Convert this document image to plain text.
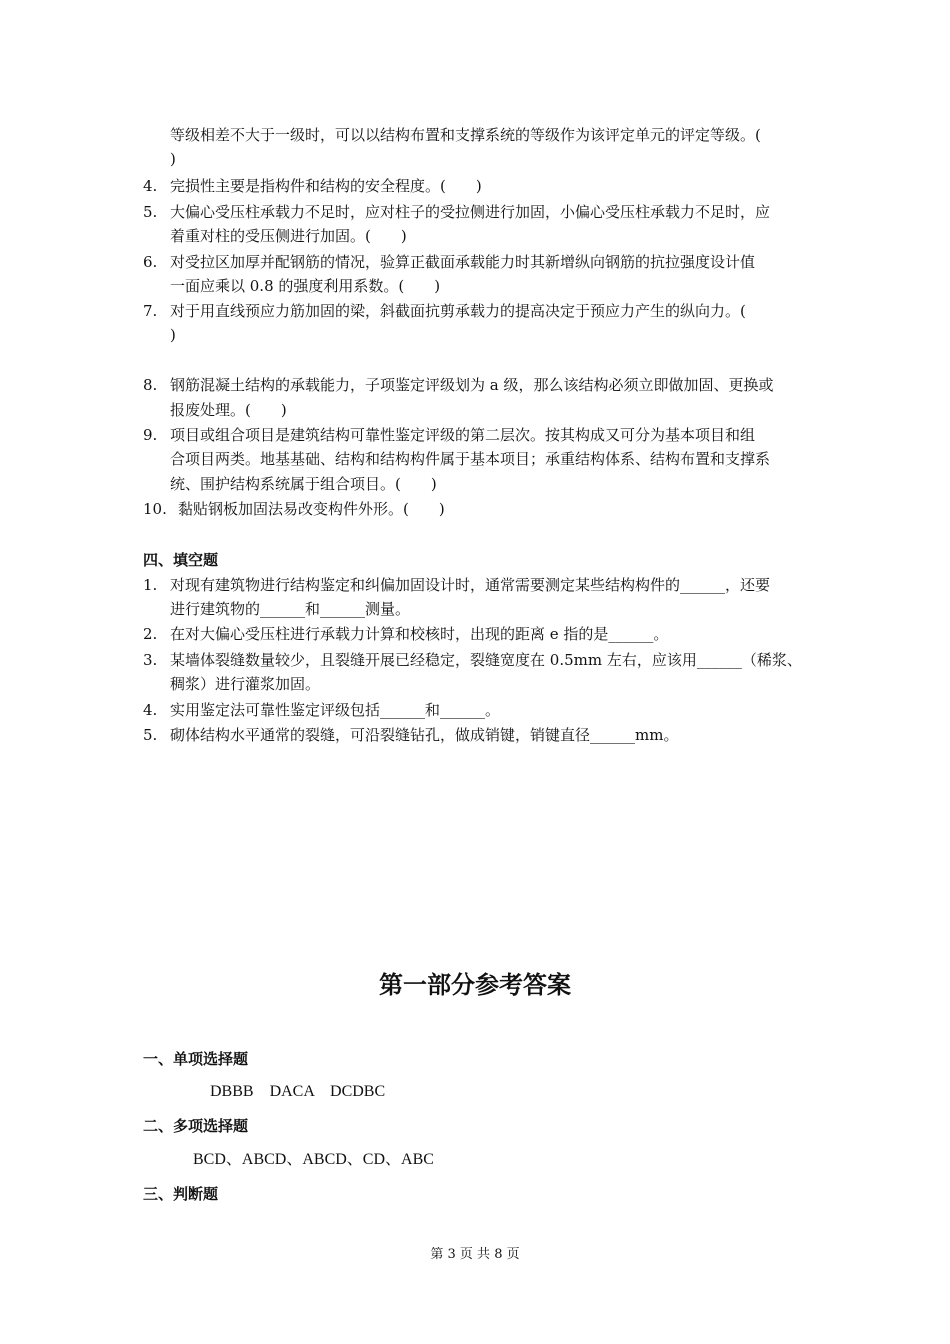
等级相差不大于一级时，可以以结构布置和支撑系统的等级作为该评定单元的评定等级。(
)
4. 完损性主要是指构件和结构的安全程度。(　　)
5. 大偏心受压柱承载力不足时，应对柱子的受拉侧进行加固，小偏心受压柱承载力不足时，应
着重对柱的受压侧进行加固。(　　)
6. 对受拉区加厚并配钢筋的情况，验算正截面承载能力时其新增纵向钢筋的抗拉强度设计值
一面应乘以 0.8 的强度利用系数。(　　)
7. 对于用直线预应力筋加固的梁，斜截面抗剪承载力的提高决定于预应力产生的纵向力。(
)
8. 钢筋混凝土结构的承载能力，子项鉴定评级划为 a 级，那么该结构必须立即做加固、更换或
报废处理。(　　)
9. 项目或组合项目是建筑结构可靠性鉴定评级的第二层次。按其构成又可分为基本项目和组
合项目两类。地基基础、结构和结构构件属于基本项目；承重结构体系、结构布置和支撑系
统、围护结构系统属于组合项目。(　　)
10. 黏贴钢板加固法易改变构件外形。(　　)
四、填空题
1. 对现有建筑物进行结构鉴定和纠偏加固设计时，通常需要测定某些结构构件的______，还要
进行建筑物的______和______测量。
2. 在对大偏心受压柱进行承载力计算和校核时，出现的距离 e 指的是______。
3. 某墙体裂缝数量较少，且裂缝开展已经稳定，裂缝宽度在 0.5mm 左右，应该用______（稀浆、
稠浆）进行灌浆加固。
4. 实用鉴定法可靠性鉴定评级包括______和______。
5. 砌体结构水平通常的裂缝，可沿裂缝钻孔，做成销键，销键直径______mm。
第一部分参考答案
一、单项选择题
DBBB    DACA    DCDBC
二、多项选择题
BCD、ABCD、ABCD、CD、ABC
三、判断题
第 3 页 共 8 页
